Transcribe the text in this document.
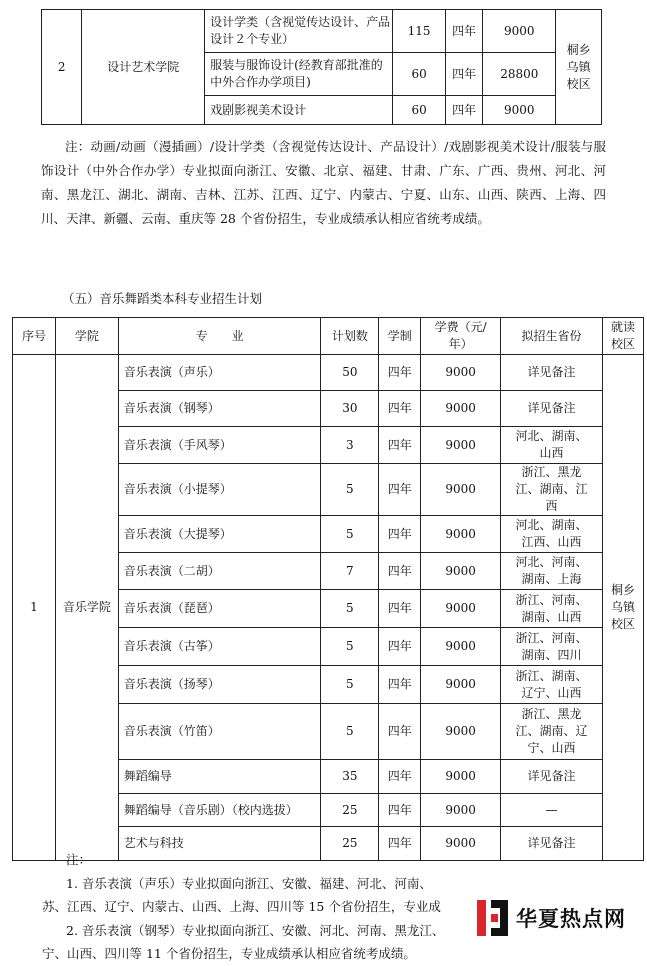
2	设计艺术学院	设计学类（含视觉传达设计、产品设计２个专业）	115	四年	9000	桐乡乌镇校区

		服装与服饰设计(经教育部批准的中外合作办学项目)	60	四年	28800	
		戏剧影视美术设计	60	四年	9000	
注：动画/动画（漫插画）/设计学类（含视觉传达设计、产品设计）/戏剧影视美术设计/服装与服饰设计（中外合作办学）专业拟面向浙江、安徽、北京、福建、甘肃、广东、广西、贵州、河北、河南、黑龙江、湖北、湖南、吉林、江苏、江西、辽宁、内蒙古、宁夏、山东、山西、陕西、上海、四川、天津、新疆、云南、重庆等 28 个省份招生，专业成绩承认相应省统考成绩。
（五）音乐舞蹈类本科专业招生计划
序号	学院	专　　业	计划数	学制	学费（元/年）	拟招生省份	就读校区

1	音乐学院	音乐表演（声乐）	50	四年	9000	详见备注	桐乡乌镇校区

		音乐表演（钢琴）	30	四年	9000	详见备注	
		音乐表演（手风琴）	3	四年	9000	河北、湖南、山西	

		音乐表演（小提琴）	5	四年	9000	浙江、黑龙江、湖南、江西	

		音乐表演（大提琴）	5	四年	9000	河北、湖南、江西、山西	

		音乐表演（二胡）	7	四年	9000	河北、河南、湖南、上海	

		音乐表演（琵琶）	5	四年	9000	浙江、河南、湖南、山西	

		音乐表演（古筝）	5	四年	9000	浙江、河南、湖南、四川	

		音乐表演（扬琴）	5	四年	9000	浙江、湖南、辽宁、山西	

		音乐表演（竹笛）	5	四年	9000	浙江、黑龙江、湖南、辽宁、山西	

		舞蹈编导	35	四年	9000	详见备注	
		舞蹈编导（音乐剧）（校内选拔）	25	四年	9000	—	
		艺术与科技	25	四年	9000	详见备注	
注：
1. 音乐表演（声乐）专业拟面向浙江、安徽、福建、河北、河南、
苏、江西、辽宁、内蒙古、山西、上海、四川等 15 个省份招生，专业成
2. 音乐表演（钢琴）专业拟面向浙江、安徽、河北、河南、黑龙江、
宁、山西、四川等 11 个省份招生，专业成绩承认相应省统考成绩。
华夏热点网
